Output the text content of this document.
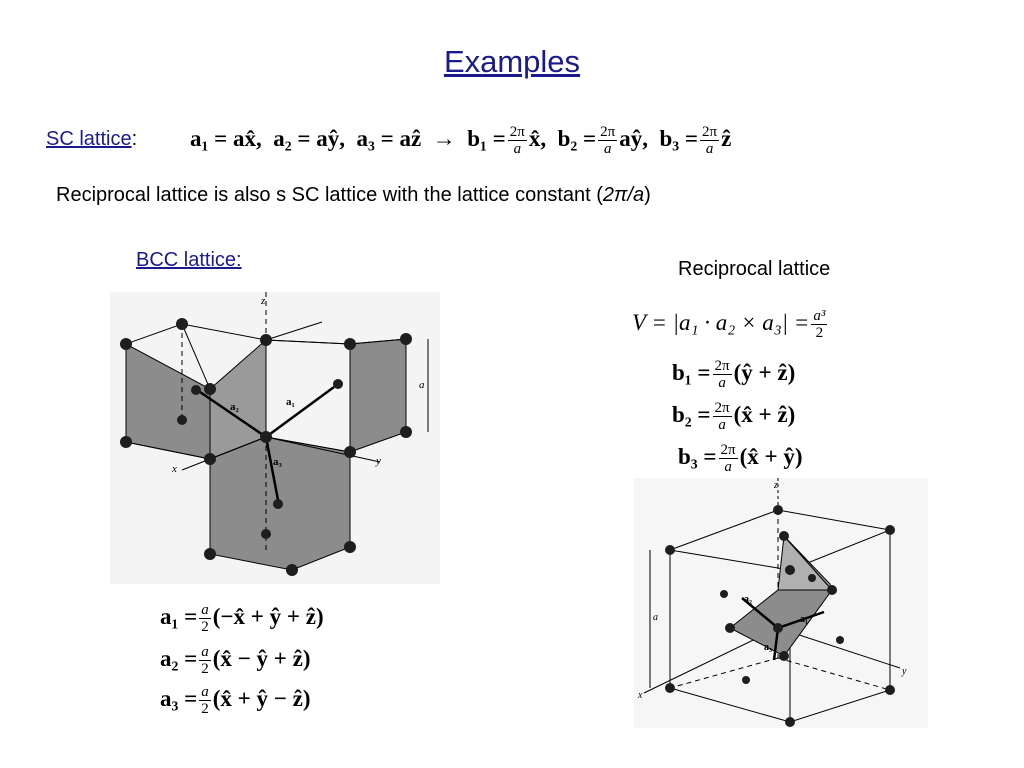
Examples
SC lattice: a₁ = ax̂, a₂ = aŷ, a₃ = aẑ → $b_1 = \frac{2\pi}{a}$ x̂, $b_2 = \frac{2\pi}{a}$ aŷ, $b_3 = \frac{2\pi}{a}$ ẑ
Reciprocal lattice is also s SC lattice with the lattice constant (2π/a)
BCC lattice:	Reciprocal lattice
$V = |a_1 \cdot a_2 \times a_3| = \frac{\text{a³}}{2}$
$b_1 = \frac{2\pi}{a}$ (ŷ + ẑ)
$b_2 = \frac{2\pi}{a}$ (x̂ + ẑ)
$b_3 = \frac{2\pi}{a}$ (x̂ + ŷ)
z
x
y
a
a₂	a₁
a₃
$a_1 = \frac{a}{2}$ (−x̂ + ŷ + ẑ)
$a_2 = \frac{a}{2}$ (x̂ − ŷ + ẑ)
$a_3 = \frac{a}{2}$ (x̂ + ŷ − ẑ)
z
x
y
a
a₂
a₁
a₃
